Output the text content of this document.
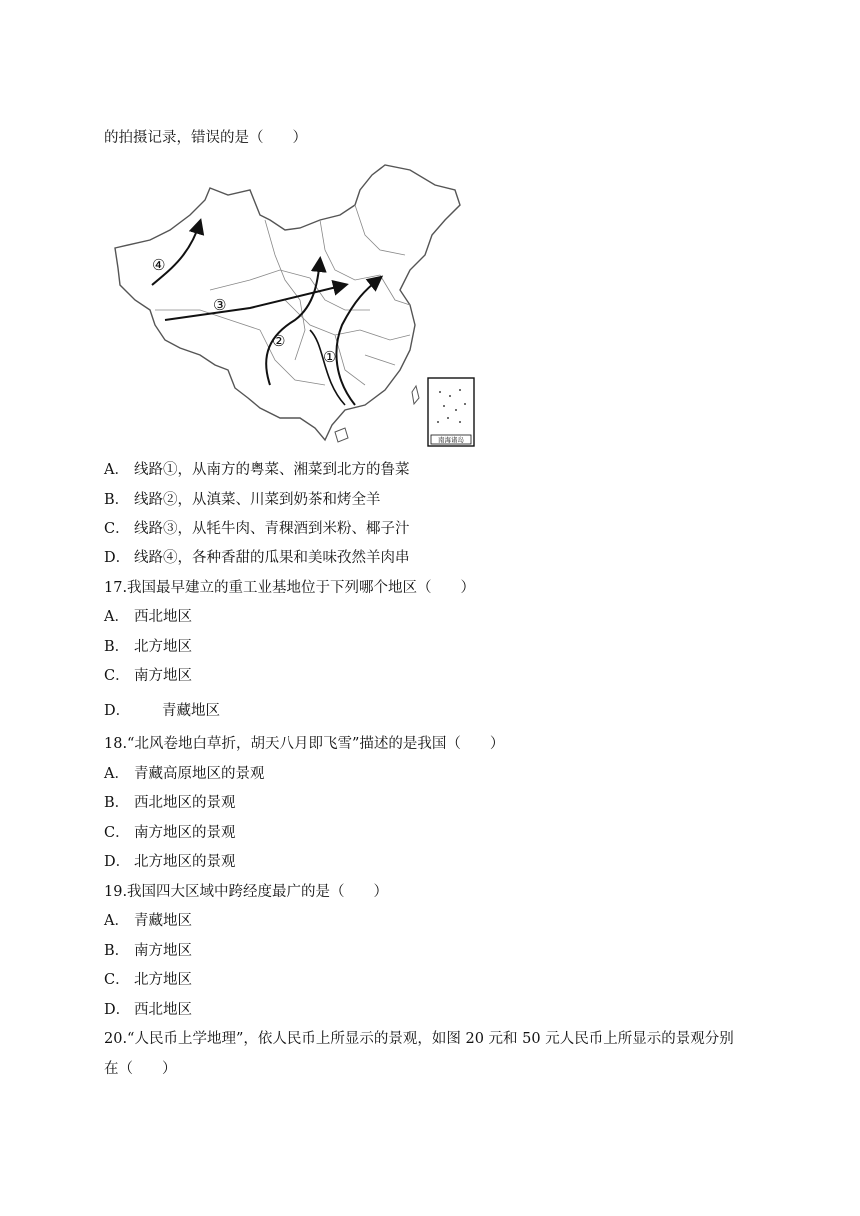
的拍摄记录，错误的是（　　）
①
②
③
④
南海诸岛
A． 线路①，从南方的粤菜、湘菜到北方的鲁菜
B． 线路②，从滇菜、川菜到奶茶和烤全羊
C． 线路③，从牦牛肉、青稞酒到米粉、椰子汁
D． 线路④，各种香甜的瓜果和美味孜然羊肉串
17.我国最早建立的重工业基地位于下列哪个地区（　　）
A． 西北地区
B． 北方地区
C． 南方地区
D． 青藏地区
18.“北风卷地白草折，胡天八月即飞雪”描述的是我国（　　）
A． 青藏高原地区的景观
B． 西北地区的景观
C． 南方地区的景观
D． 北方地区的景观
19.我国四大区域中跨经度最广的是（　　）
A． 青藏地区
B． 南方地区
C． 北方地区
D． 西北地区
20.“人民币上学地理”，依人民币上所显示的景观，如图 20 元和 50 元人民币上所显示的景观分别
在（　　）
